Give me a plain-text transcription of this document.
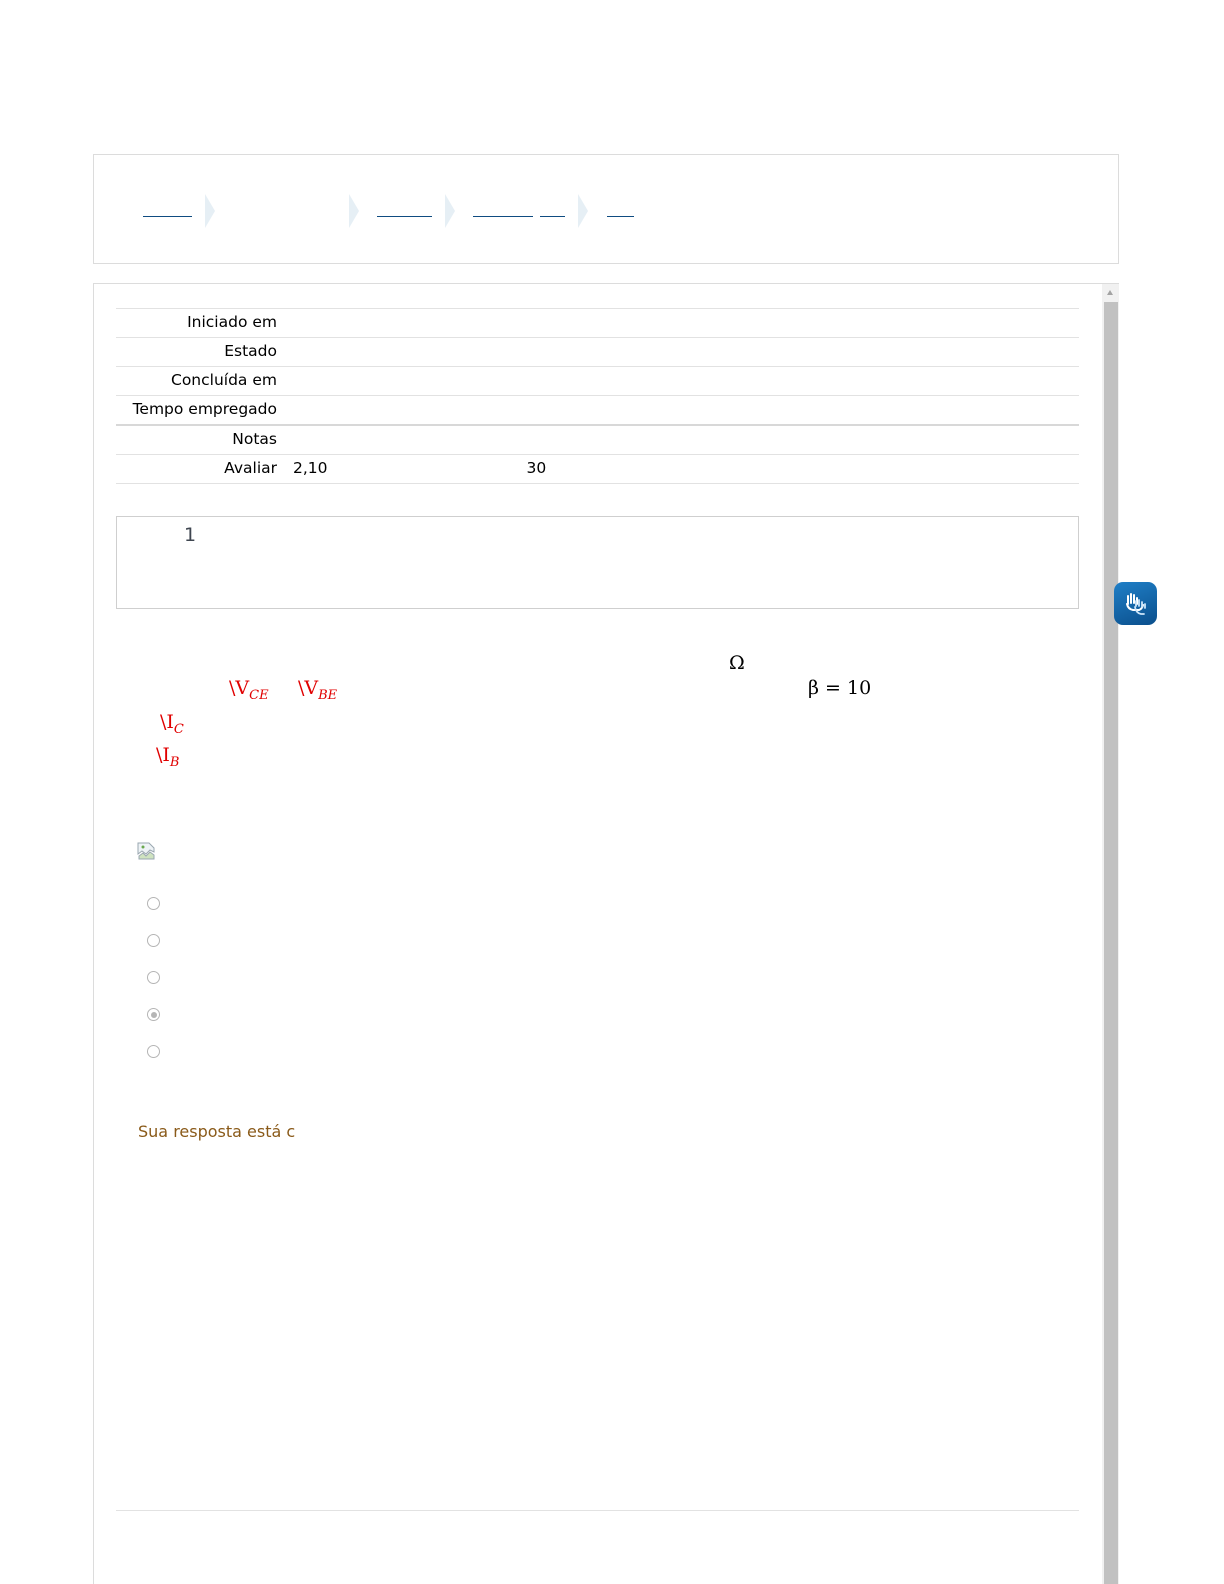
Iniciado em	
Estado	
Concluída em	
Tempo empregado	
Notas	
Avaliar	2,10 30
1
Ω
$\backslash V_{CE}$ $\backslash V_{BE}$	β = 10
$\backslash I_C$
$\backslash I_B$
Sua resposta está c
